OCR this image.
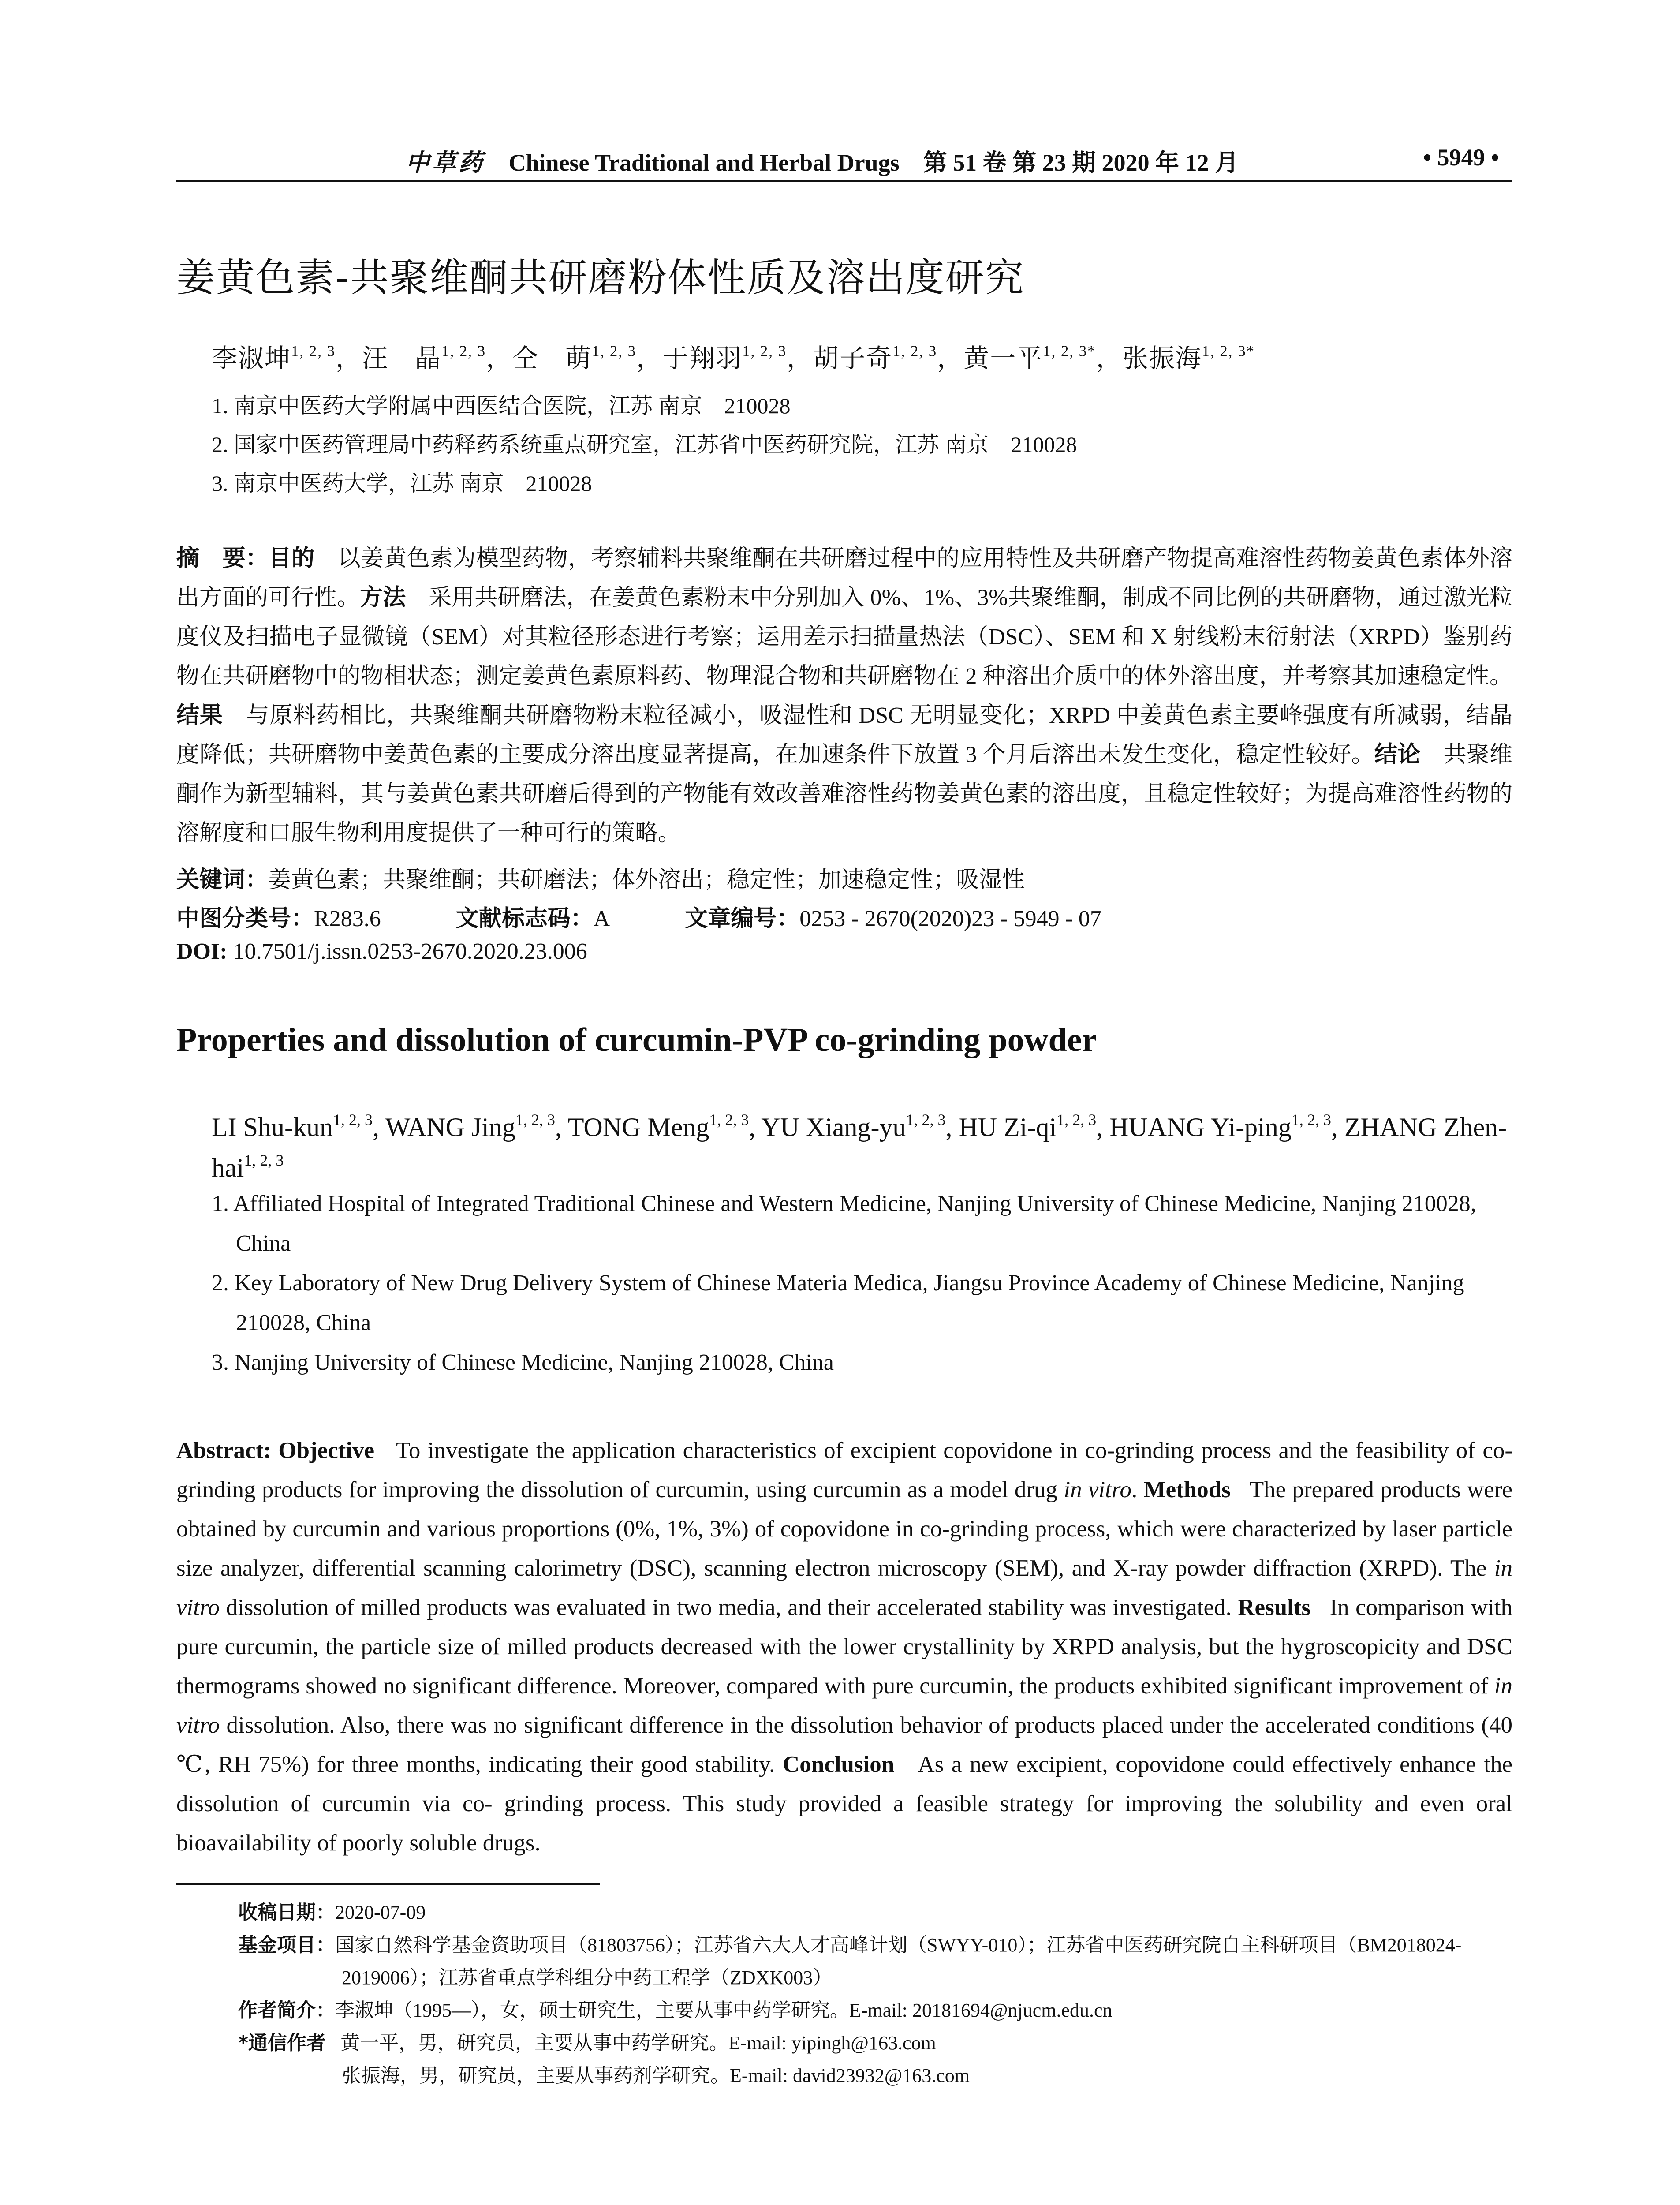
中草药 Chinese Traditional and Herbal Drugs　第 51 卷 第 23 期 2020 年 12 月	• 5949 •
姜黄色素-共聚维酮共研磨粉体性质及溶出度研究
李淑坤$^{1, 2, 3}$，汪　晶$^{1, 2, 3}$，仝　萌$^{1, 2, 3}$，于翔羽$^{1, 2, 3}$，胡子奇$^{1, 2, 3}$，黄一平$^{1, 2, 3*}$，张振海$^{1, 2, 3*}$
1. 南京中医药大学附属中西医结合医院，江苏 南京　210028
2. 国家中医药管理局中药释药系统重点研究室，江苏省中医药研究院，江苏 南京　210028
3. 南京中医药大学，江苏 南京　210028
摘　要：目的　 以姜黄色素为模型药物，考察辅料共聚维酮在共研磨过程中的应用特性及共研磨产物提高难溶性药物姜黄色素体外溶出方面的可行性。方法　 采用共研磨法，在姜黄色素粉末中分别加入 0%、1%、3%共聚维酮，制成不同比例的共研磨物，通过激光粒度仪及扫描电子显微镜（SEM）对其粒径形态进行考察；运用差示扫描量热法（DSC）、SEM 和 X 射线粉末衍射法（XRPD）鉴别药物在共研磨物中的物相状态；测定姜黄色素原料药、物理混合物和共研磨物在 2 种溶出介质中的体外溶出度，并考察其加速稳定性。结果　 与原料药相比，共聚维酮共研磨物粉末粒径减小，吸湿性和 DSC 无明显变化；XRPD 中姜黄色素主要峰强度有所减弱，结晶度降低；共研磨物中姜黄色素的主要成分溶出度显著提高，在加速条件下放置 3 个月后溶出未发生变化，稳定性较好。结论　 共聚维酮作为新型辅料，其与姜黄色素共研磨后得到的产物能有效改善难溶性药物姜黄色素的溶出度，且稳定性较好；为提高难溶性药物的溶解度和口服生物利用度提供了一种可行的策略。
关键词：姜黄色素；共聚维酮；共研磨法；体外溶出；稳定性；加速稳定性；吸湿性
中图分类号：R283.6	文献标志码：A	文章编号：0253 - 2670(2020)23 - 5949 - 07
DOI: 10.7501/j.issn.0253-2670.2020.23.006
Properties and dissolution of curcumin-PVP co-grinding powder
LI Shu-kun$^{1, 2, 3}$, WANG Jing$^{1, 2, 3}$, TONG Meng$^{1, 2, 3}$, YU Xiang-yu$^{1, 2, 3}$, HU Zi-qi$^{1, 2, 3}$, HUANG Yi-ping$^{1, 2, 3}$, ZHANG Zhen-hai$^{1, 2, 3}$
1. Affiliated Hospital of Integrated Traditional Chinese and Western Medicine, Nanjing University of Chinese Medicine, Nanjing 210028, China
2. Key Laboratory of New Drug Delivery System of Chinese Materia Medica, Jiangsu Province Academy of Chinese Medicine, Nanjing 210028, China
3. Nanjing University of Chinese Medicine, Nanjing 210028, China
Abstract: Objective To investigate the application characteristics of excipient copovidone in co-grinding process and the feasibility of co-grinding products for improving the dissolution of curcumin, using curcumin as a model drug in vitro. Methods The prepared products were obtained by curcumin and various proportions (0%, 1%, 3%) of copovidone in co-grinding process, which were characterized by laser particle size analyzer, differential scanning calorimetry (DSC), scanning electron microscopy (SEM), and X-ray powder diffraction (XRPD). The in vitro dissolution of milled products was evaluated in two media, and their accelerated stability was investigated. Results In comparison with pure curcumin, the particle size of milled products decreased with the lower crystallinity by XRPD analysis, but the hygroscopicity and DSC thermograms showed no significant difference. Moreover, compared with pure curcumin, the products exhibited significant improvement of in vitro dissolution. Also, there was no significant difference in the dissolution behavior of products placed under the accelerated conditions (40 ℃, RH 75%) for three months, indicating their good stability. Conclusion As a new excipient, copovidone could effectively enhance the dissolution of curcumin via co- grinding process. This study provided a feasible strategy for improving the solubility and even oral bioavailability of poorly soluble drugs.
收稿日期：2020-07-09
基金项目：国家自然科学基金资助项目（81803756）；江苏省六大人才高峰计划（SWYY-010）；江苏省中医药研究院自主科研项目（BM2018024-
2019006）；江苏省重点学科组分中药工程学（ZDXK003）
作者简介：李淑坤（1995—），女，硕士研究生，主要从事中药学研究。E-mail: 20181694@njucm.edu.cn
*通信作者 黄一平，男，研究员，主要从事中药学研究。E-mail: yipingh@163.com
张振海，男，研究员，主要从事药剂学研究。E-mail: david23932@163.com
